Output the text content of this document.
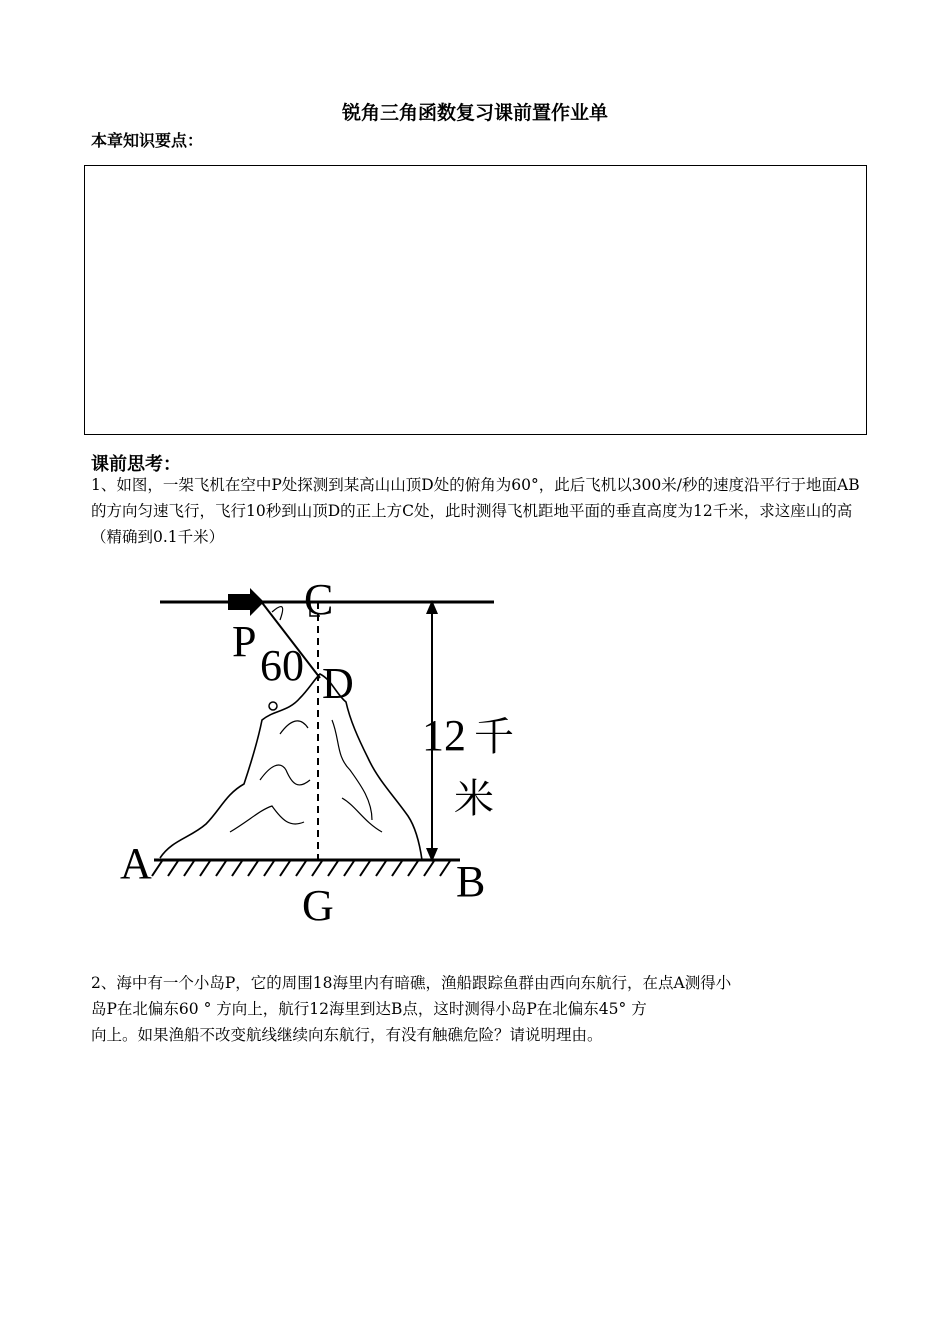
锐角三角函数复习课前置作业单
本章知识要点：
课前思考：

1、如图，一架飞机在空中P处探测到某高山山顶D处的俯角为60°，此后飞机以300米/秒的速度沿平行于地面AB的方向匀速飞行，飞行10秒到山顶D的正上方C处，此时测得飞机距地平面的垂直高度为12千米，求这座山的高（精确到0.1千米）

C
P 60 D
A	B
G
12 千
米

2、海中有一个小岛P，它的周围18海里内有暗礁，渔船跟踪鱼群由西向东航行，在点A测得小
岛P在北偏东60 ° 方向上，航行12海里到达B点，这时测得小岛P在北偏东45° 方
向上。如果渔船不改变航线继续向东航行，有没有触礁危险？请说明理由。
